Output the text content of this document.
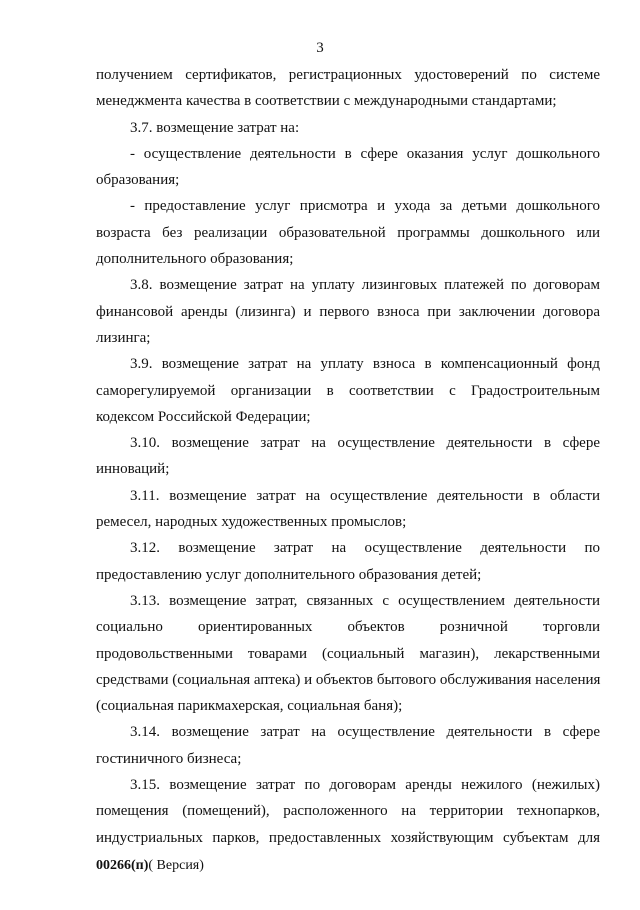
3
получением сертификатов, регистрационных удостоверений по системе
менеджмента качества в соответствии с международными стандартами;
3.7. возмещение затрат на:
- осуществление деятельности в сфере оказания услуг дошкольного
образования;
- предоставление услуг присмотра и ухода за детьми дошкольного
возраста без реализации образовательной программы дошкольного или
дополнительного образования;
3.8. возмещение затрат на уплату лизинговых платежей по договорам
финансовой аренды (лизинга) и первого взноса при заключении договора
лизинга;
3.9. возмещение затрат на уплату взноса в компенсационный фонд
саморегулируемой организации в соответствии с Градостроительным
кодексом Российской Федерации;
3.10. возмещение затрат на осуществление деятельности в сфере
инноваций;
3.11. возмещение затрат на осуществление деятельности в области
ремесел, народных художественных промыслов;
3.12. возмещение затрат на осуществление деятельности по
предоставлению услуг дополнительного образования детей;
3.13. возмещение затрат, связанных с осуществлением деятельности
социально ориентированных объектов розничной торговли
продовольственными товарами (социальный магазин), лекарственными
средствами (социальная аптека) и объектов бытового обслуживания населения
(социальная парикмахерская, социальная баня);
3.14. возмещение затрат на осуществление деятельности в сфере
гостиничного бизнеса;
3.15. возмещение затрат по договорам аренды нежилого (нежилых)
помещения (помещений), расположенного на территории технопарков,
индустриальных парков, предоставленных хозяйствующим субъектам для
00266(п)( Версия)
